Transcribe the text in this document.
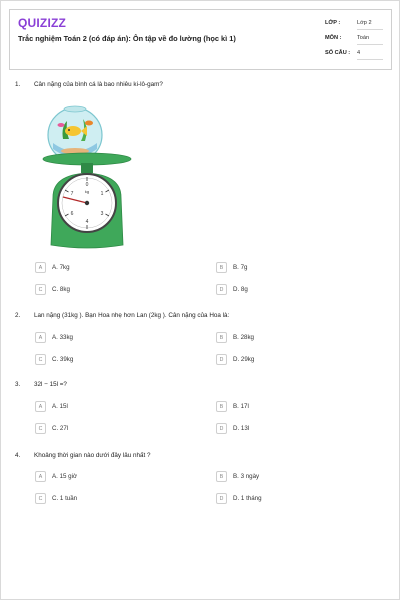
QUIZIZZ
Trắc nghiệm Toán 2 (có đáp án): Ôn tập về đo lường (học kì 1)
LỚP :	Lớp 2
MÔN :	Toán
SỐ CÂU : 4
1. Cân nặng của bình cá là bao nhiêu ki-lô-gam?
0
1
3
4
6
7	kg
A	A. 7kg	B	B. 7g
C	C. 8kg	D	D. 8g
2. Lan nặng (31kg ). Bạn Hoa nhẹ hơn Lan (2kg ). Cân nặng của Hoa là:
A	A. 33kg	B	B. 28kg
C	C. 39kg	D	D. 29kg
3. 32l − 15l =?
A	A. 15l	B	B. 17l
C	C. 27l	D	D. 13l
4. Khoảng thời gian nào dưới đây lâu nhất ?
A	A. 15 giờ	B	B. 3 ngày
C	C. 1 tuần	D	D. 1 tháng
